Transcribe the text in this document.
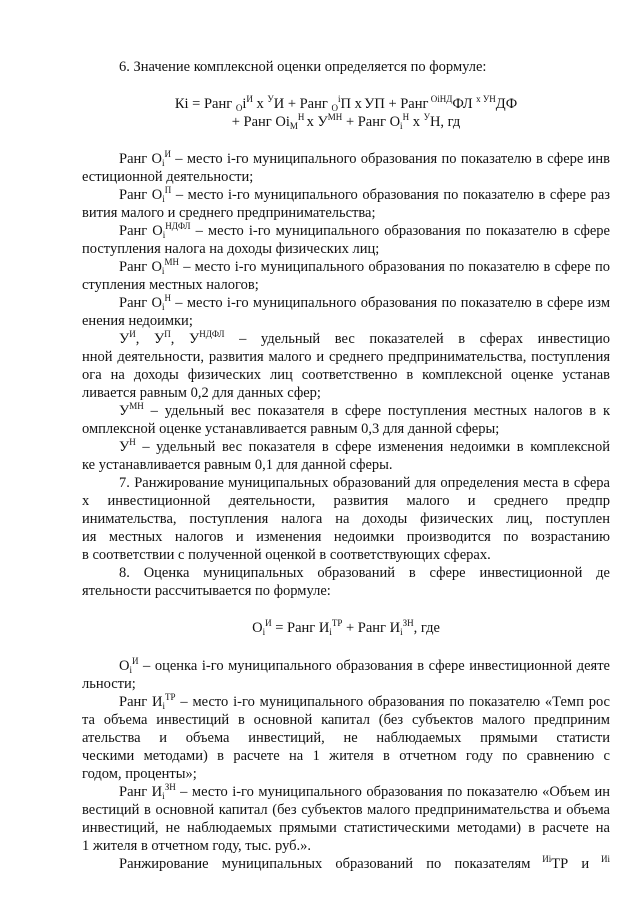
6. Значение комплексной оценки определяется по формуле:
Кi = Ранг $_Оi^И$ х $^У$И + Ранг $_О^i$П х УП + Ранг $^{ОiНД}$ФЛ $^{х УН}$ДФ
+ Ранг $Оi_М^Н$ х $У^{МН}$ + Ранг $О_i^Н$ х $^У$Н, гд
Ранг $О_i^И$ – место i-го муниципального образования по показателю в сфере инв
естиционной деятельности;
Ранг $О_i^П$ – место i-го муниципального образования по показателю в сфере раз
вития малого и среднего предпринимательства;
Ранг $О_i^{НДФЛ}$ – место i-го муниципального образования по показателю в сфере
поступления налога на доходы физических лиц;
Ранг $О_i^{МН}$ – место i-го муниципального образования по показателю в сфере по
ступления местных налогов;
Ранг $О_i^Н$ – место i-го муниципального образования по показателю в сфере изм
енения недоимки;
$У^И$, $У^П$, $У^{НДФЛ}$ – удельный вес показателей в сферах инвестицио
нной деятельности, развития малого и среднего предпринимательства, поступления
ога на доходы физических лиц соответственно в комплексной оценке устанав
ливается равным 0,2 для данных сфер;
$У^{МН}$ – удельный вес показателя в сфере поступления местных налогов в к
омплексной оценке устанавливается равным 0,3 для данной сферы;
$У^Н$ – удельный вес показателя в сфере изменения недоимки в комплексной
ке устанавливается равным 0,1 для данной сферы.
7. Ранжирование муниципальных образований для определения места в сфера
х инвестиционной деятельности, развития малого и среднего предпр
инимательства, поступления налога на доходы физических лиц, поступлен
ия местных налогов и изменения недоимки производится по возрастанию
в соответствии с полученной оценкой в соответствующих сферах.
8. Оценка муниципальных образований в сфере инвестиционной де
ятельности рассчитывается по формуле:
$О_i^И$ = Ранг $И_i^{ТР}$ + Ранг $И_i^{ЗН}$, где
$О_i^И$ – оценка i-го муниципального образования в сфере инвестиционной деяте
льности;
Ранг $И_i^{ТР}$ – место i-го муниципального образования по показателю «Темп рос
та объема инвестиций в основной капитал (без субъектов малого предприним
ательства и объема инвестиций, не наблюдаемых прямыми статисти
ческими методами) в расчете на 1 жителя в отчетном году по сравнению с
годом, проценты»;
Ранг $И_i^{ЗН}$ – место i-го муниципального образования по показателю «Объем ин
вестиций в основной капитал (без субъектов малого предпринимательства и объема
инвестиций, не наблюдаемых прямыми статистическими методами) в расчете на
1 жителя в отчетном году, тыс. руб.».
Ранжирование муниципальных образований по показателям $^{Иi}$ТР и $^{Иi}$
